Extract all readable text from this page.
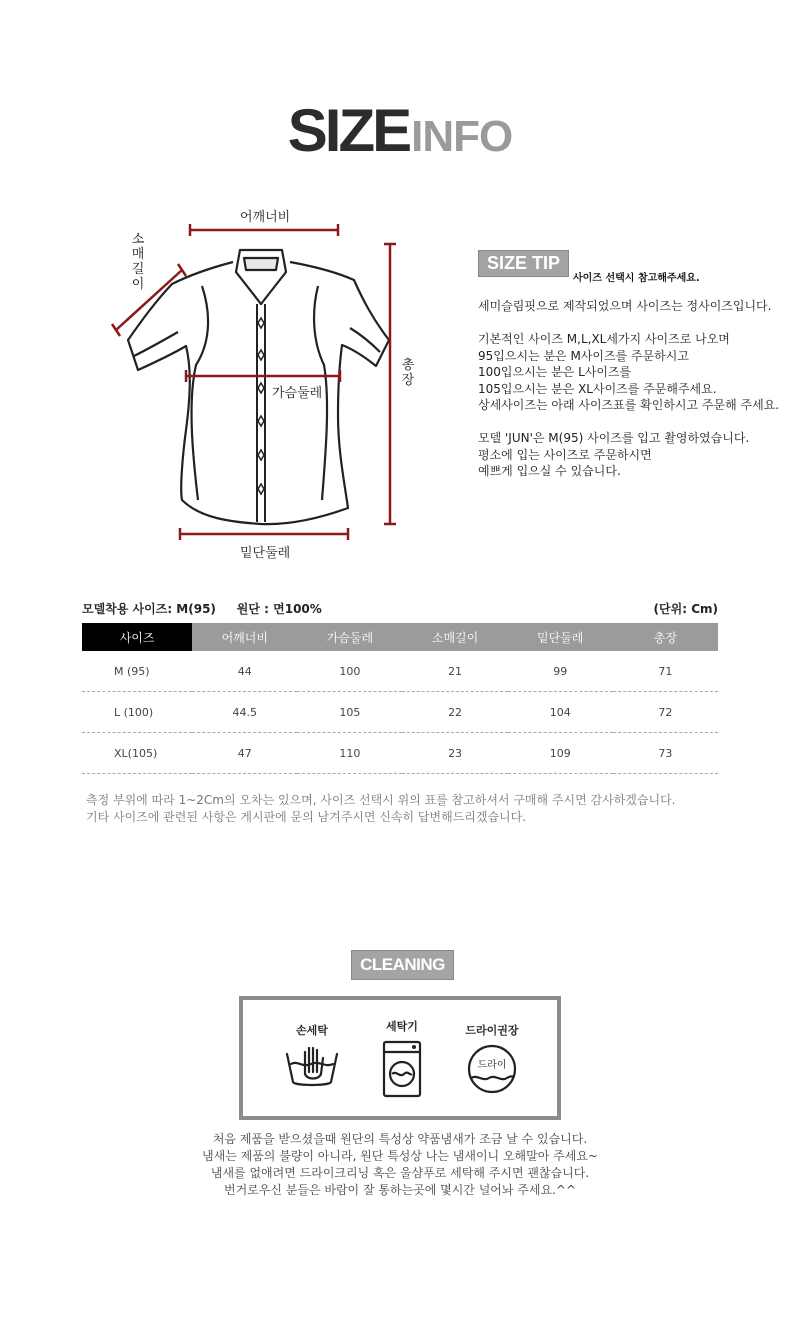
SIZEINFO
어깨너비
소
매
길
이
가슴둘레
총
장
밑단둘레
SIZE $TIP_{사이즈 선택시 참고해주세요.}$
세미슬림핏으로 제작되었으며 사이즈는 정사이즈입니다.

기본적인 사이즈 M,L,XL세가지 사이즈로 나오며
95입으시는 분은 M사이즈를 주문하시고
100입으시는 분은 L사이즈를
105입으시는 분은 XL사이즈를 주문해주세요.
상세사이즈는 아래 사이즈표를 확인하시고 주문해 주세요.

모델 'JUN'은 M(95) 사이즈를 입고 촬영하였습니다.
평소에 입는 사이즈로 주문하시면
예쁘게 입으실 수 있습니다.
모델착용 사이즈: M(95)     원단 : 면100%	(단위: Cm)
사이즈	어깨너비	가슴둘레	소매길이	밑단둘레	총장
M (95)	44	100	21	99	71
L (100)	44.5	105	22	104	72
XL(105)	47	110	23	109	73
측정 부위에 따라 1~2Cm의 오차는 있으며, 사이즈 선택시 위의 표를 참고하셔서 구매해 주시면 감사하겠습니다.
기타 사이즈에 관련된 사항은 게시판에 문의 남겨주시면 신속히 답변해드리겠습니다.
CLEANING
손세탁	세탁기	드라이권장
드라이
처음 제품을 받으셨을때 원단의 특성상 약품냄새가 조금 날 수 있습니다.
냄새는 제품의 불량이 아니라, 원단 특성상 나는 냄새이니 오해말아 주세요~
냄새를 없애려면 드라이크리닝 혹은 울샴푸로 세탁해 주시면 괜찮습니다.
번거로우신 분들은 바람이 잘 통하는곳에 몇시간 널어놔 주세요.^^
